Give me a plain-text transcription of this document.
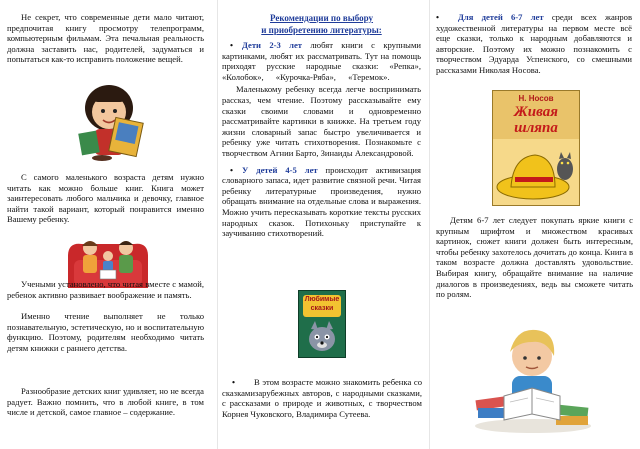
Не секрет, что современные дети мало читают, предпочитая книгу просмотру телепрограмм, компьютерным фильмам. Эта печальная реальность должна заставить нас, родителей, задуматься и попытаться как-то исправить положение вещей.

С самого маленького возраста детям нужно читать как можно больше книг. Книга может заинтересовать любого мальчика и девочку, главное найти такой вариант, который понравится именно Вашему ребенку.

Учеными установлено, что читая вместе с мамой, ребенок активно развивает воображение и память.

Именно чтение выполняет не только познавательную, эстетическую, но и воспитательную функцию. Поэтому, родителям необходимо читать детям книжки с раннего детства.

Разнообразие детских книг удивляет, но не всегда радует. Важно помнить, что в любой книге, в том числе и детской, самое главное – содержание.

Рекомендации по выбору
и приобретению литературы:

• Дети 2-3 лет любят книги с крупными картинками, любят их рассматривать. Тут на помощь приходят русские народные сказки: «Репка», «Колобок», «Курочка-Ряба», «Теремок».

Маленькому ребенку всегда легче воспринимать рассказ, чем чтение. Поэтому рассказывайте ему сказки своими словами и одновременно рассматривайте картинки в книжке. На третьем году жизни словарный запас быстро увеличивается и ребенку уже читать стихотворения. Познакомьте с творчеством Агнии Барто, Зинаиды Александровой.

• У детей 4-5 лет происходит активизация словарного запаса, идет развитие связной речи. Читая ребенку литературные произведения, нужно обращать внимание на отдельные слова и выражения. Можно учить пересказывать короткие тексты русских народных сказок. Потихоньку приступайте к заучиванию стихотворений.

Любимые сказки

• В этом возрасте можно знакомить ребенка со сказкамизарубежных авторов, с народными сказками, с рассказами о природе и животных, с творчеством Корнея Чуковского, Владимира Сутеева.

• Для детей 6-7 лет среди всех жанров художественной литературы на первом месте всё еще сказки, только к народным добавляются и авторские. Поэтому их можно познакомить с творчеством Эдуарда Успенского, со смешными рассказами Николая Носова.

Н. Носов
Живая
шляпа

Детям 6-7 лет следует покупать яркие книги с крупным шрифтом и множеством красивых картинок, сюжет книги должен быть интересным, чтобы ребенку захотелось дочитать до конца. Книга в таком возрасте должна доставлять удовольствие. Выбирая книгу, обращайте внимание на наличие диалогов в произведениях, ведь вы сможете читать по ролям.
